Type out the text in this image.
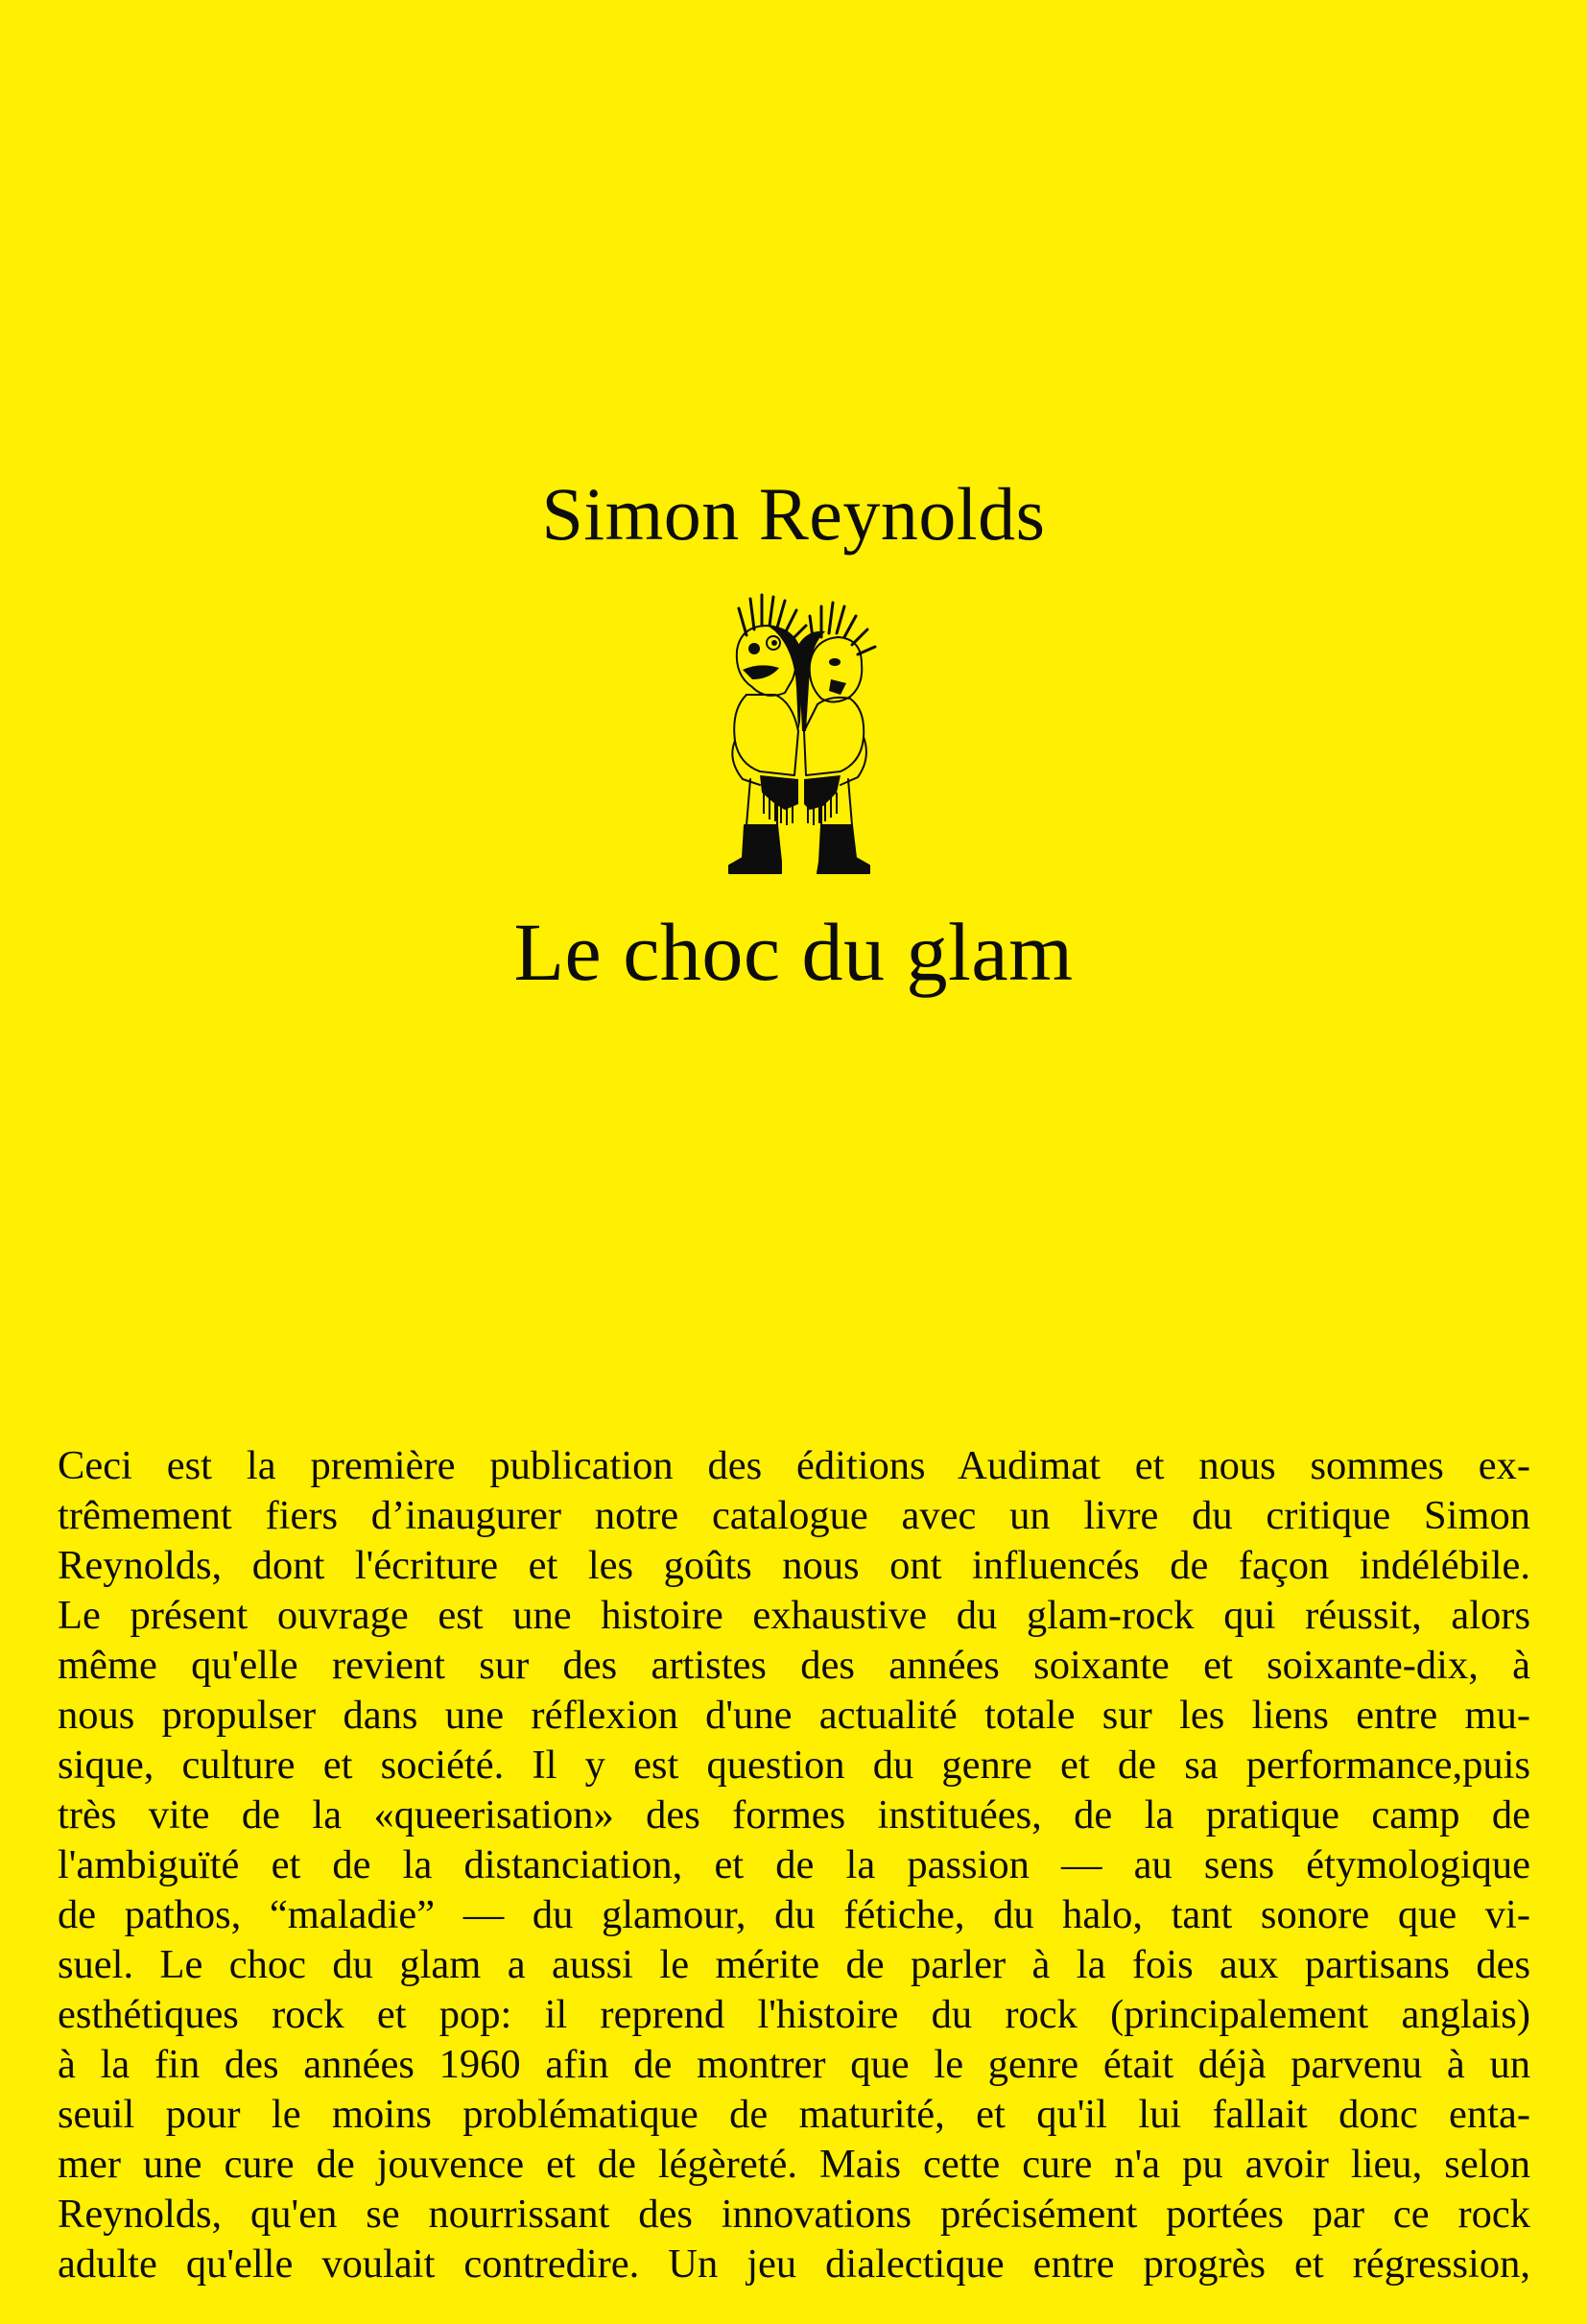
Simon Reynolds
Le choc du glam
Ceci est la première publication des éditions Audimat et nous sommes ex-
trêmement fiers d’inaugurer notre catalogue avec un livre du critique Simon
Reynolds, dont l'écriture et les goûts nous ont influencés de façon indélébile.
Le présent ouvrage est une histoire exhaustive du glam-rock qui réussit, alors
même qu'elle revient sur des artistes des années soixante et soixante-dix, à
nous propulser dans une réflexion d'une actualité totale sur les liens entre mu-
sique, culture et société. Il y est question du genre et de sa performance,puis
très vite de la «queerisation» des formes instituées, de la pratique camp de
l'ambiguïté et de la distanciation, et de la passion — au sens étymologique
de pathos, “maladie” — du glamour, du fétiche, du halo, tant sonore que vi-
suel. Le choc du glam a aussi le mérite de parler à la fois aux partisans des
esthétiques rock et pop: il reprend l'histoire du rock (principalement anglais)
à la fin des années 1960 afin de montrer que le genre était déjà parvenu à un
seuil pour le moins problématique de maturité, et qu'il lui fallait donc enta-
mer une cure de jouvence et de légèreté. Mais cette cure n'a pu avoir lieu, selon
Reynolds, qu'en se nourrissant des innovations précisément portées par ce rock
adulte qu'elle voulait contredire. Un jeu dialectique entre progrès et régression,
